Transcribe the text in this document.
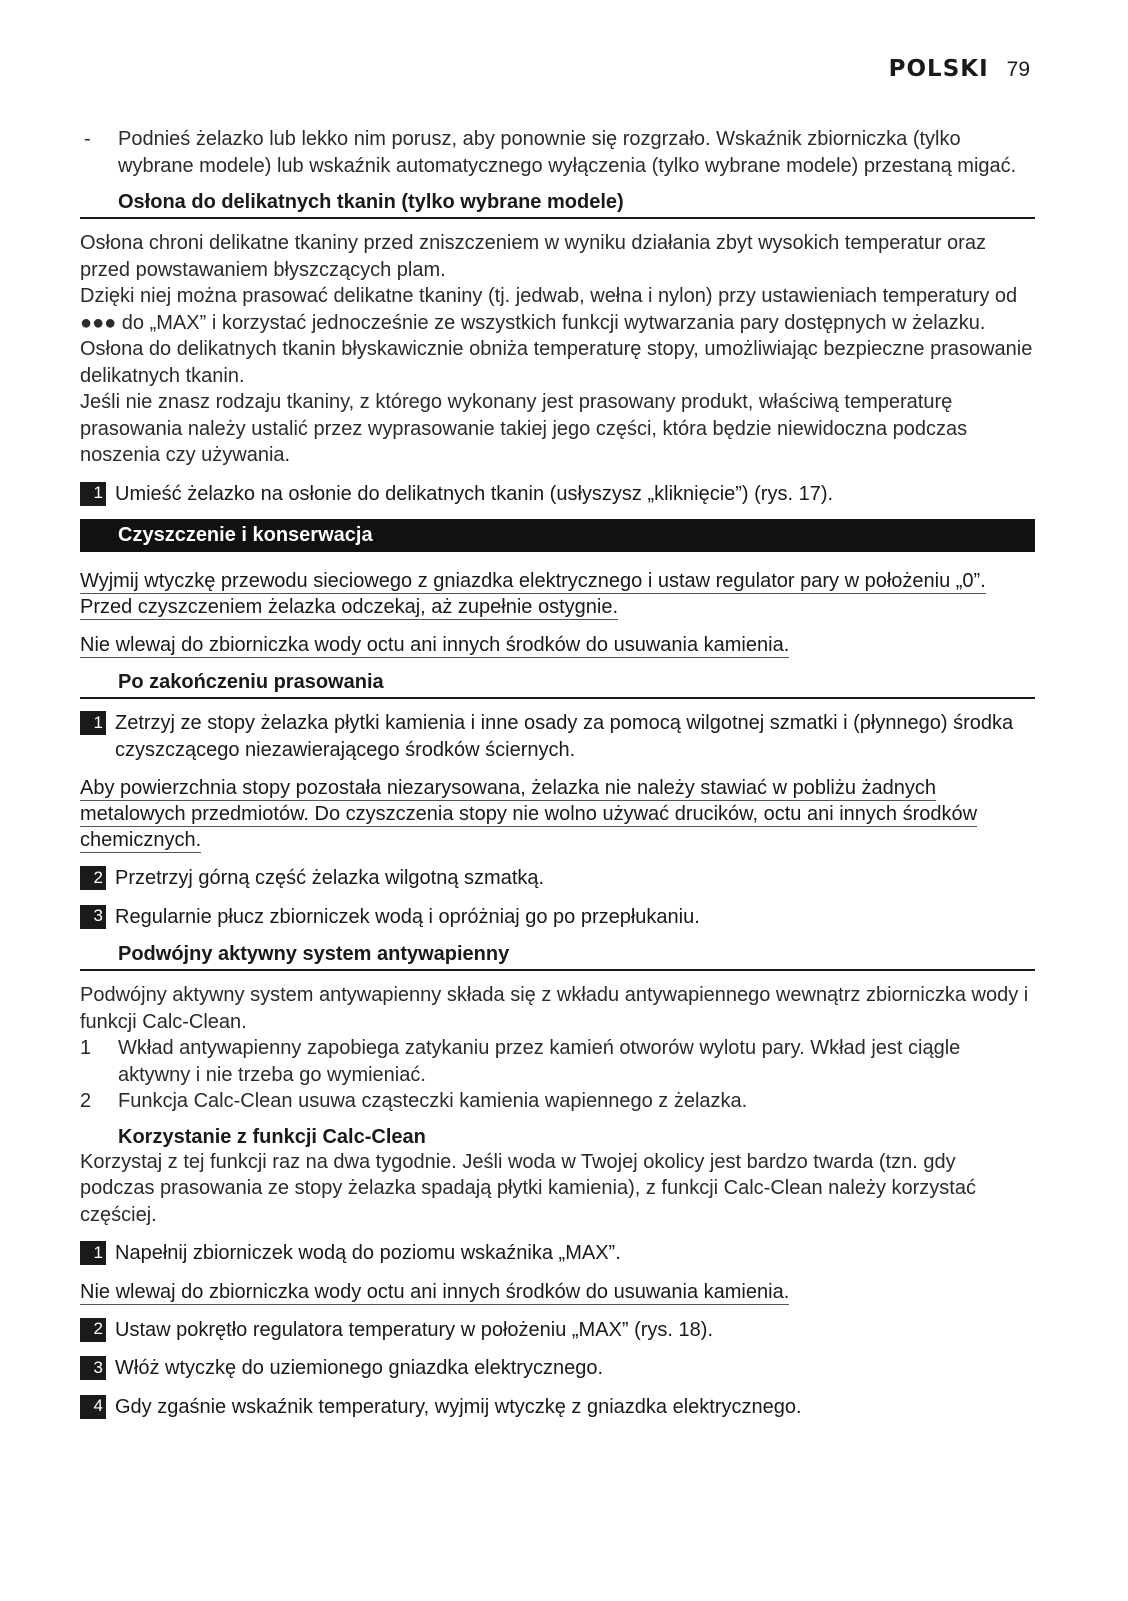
POLSKI 79
-	Podnieś żelazko lub lekko nim porusz, aby ponownie się rozgrzało. Wskaźnik zbiorniczka (tylko wybrane modele) lub wskaźnik automatycznego wyłączenia (tylko wybrane modele) przestaną migać.
Osłona do delikatnych tkanin (tylko wybrane modele)
Osłona chroni delikatne tkaniny przed zniszczeniem w wyniku działania zbyt wysokich temperatur oraz przed powstawaniem błyszczących plam.
Dzięki niej można prasować delikatne tkaniny (tj. jedwab, wełna i nylon) przy ustawieniach temperatury od ●●● do „MAX” i korzystać jednocześnie ze wszystkich funkcji wytwarzania pary dostępnych w żelazku.
Osłona do delikatnych tkanin błyskawicznie obniża temperaturę stopy, umożliwiając bezpieczne prasowanie delikatnych tkanin.
Jeśli nie znasz rodzaju tkaniny, z którego wykonany jest prasowany produkt, właściwą temperaturę prasowania należy ustalić przez wyprasowanie takiej jego części, która będzie niewidoczna podczas noszenia czy używania.
1 Umieść żelazko na osłonie do delikatnych tkanin (usłyszysz „kliknięcie”) (rys. 17).
Czyszczenie i konserwacja
Wyjmij wtyczkę przewodu sieciowego z gniazdka elektrycznego i ustaw regulator pary w położeniu „0”. Przed czyszczeniem żelazka odczekaj, aż zupełnie ostygnie.
Nie wlewaj do zbiorniczka wody octu ani innych środków do usuwania kamienia.
Po zakończeniu prasowania
1 Zetrzyj ze stopy żelazka płytki kamienia i inne osady za pomocą wilgotnej szmatki i (płynnego) środka czyszczącego niezawierającego środków ściernych.
Aby powierzchnia stopy pozostała niezarysowana, żelazka nie należy stawiać w pobliżu żadnych metalowych przedmiotów. Do czyszczenia stopy nie wolno używać drucików, octu ani innych środków chemicznych.
2 Przetrzyj górną część żelazka wilgotną szmatką.
3 Regularnie płucz zbiorniczek wodą i opróżniaj go po przepłukaniu.
Podwójny aktywny system antywapienny
Podwójny aktywny system antywapienny składa się z wkładu antywapiennego wewnątrz zbiorniczka wody i funkcji Calc-Clean.
1	Wkład antywapienny zapobiega zatykaniu przez kamień otworów wylotu pary. Wkład jest ciągle aktywny i nie trzeba go wymieniać.
2	Funkcja Calc-Clean usuwa cząsteczki kamienia wapiennego z żelazka.
Korzystanie z funkcji Calc-Clean
Korzystaj z tej funkcji raz na dwa tygodnie. Jeśli woda w Twojej okolicy jest bardzo twarda (tzn. gdy podczas prasowania ze stopy żelazka spadają płytki kamienia), z funkcji Calc-Clean należy korzystać częściej.
1 Napełnij zbiorniczek wodą do poziomu wskaźnika „MAX”.
Nie wlewaj do zbiorniczka wody octu ani innych środków do usuwania kamienia.
2 Ustaw pokrętło regulatora temperatury w położeniu „MAX” (rys. 18).
3 Włóż wtyczkę do uziemionego gniazdka elektrycznego.
4 Gdy zgaśnie wskaźnik temperatury, wyjmij wtyczkę z gniazdka elektrycznego.
